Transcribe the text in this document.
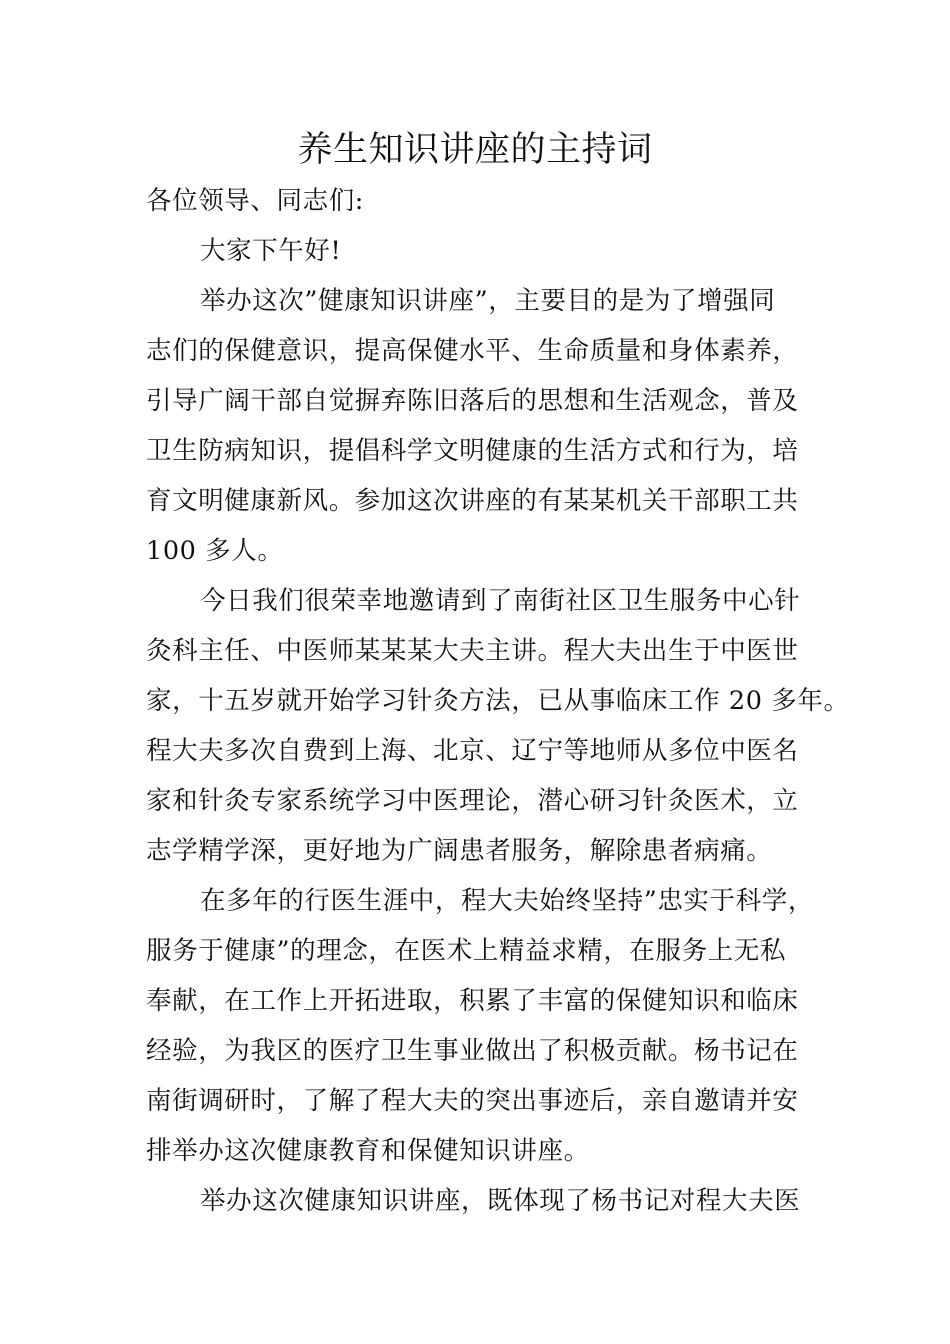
养生知识讲座的主持词
各位领导、同志们:
大家下午好!
举办这次”健康知识讲座”，主要目的是为了增强同
志们的保健意识，提高保健水平、生命质量和身体素养，
引导广阔干部自觉摒弃陈旧落后的思想和生活观念，普及
卫生防病知识，提倡科学文明健康的生活方式和行为，培
育文明健康新风。参加这次讲座的有某某机关干部职工共
100 多人。
今日我们很荣幸地邀请到了南街社区卫生服务中心针
灸科主任、中医师某某某大夫主讲。程大夫出生于中医世
家，十五岁就开始学习针灸方法，已从事临床工作 20 多年。
程大夫多次自费到上海、北京、辽宁等地师从多位中医名
家和针灸专家系统学习中医理论，潜心研习针灸医术，立
志学精学深，更好地为广阔患者服务，解除患者病痛。
在多年的行医生涯中，程大夫始终坚持”忠实于科学，
服务于健康”的理念，在医术上精益求精，在服务上无私
奉献，在工作上开拓进取，积累了丰富的保健知识和临床
经验，为我区的医疗卫生事业做出了积极贡献。杨书记在
南街调研时，了解了程大夫的突出事迹后，亲自邀请并安
排举办这次健康教育和保健知识讲座。
举办这次健康知识讲座，既体现了杨书记对程大夫医
